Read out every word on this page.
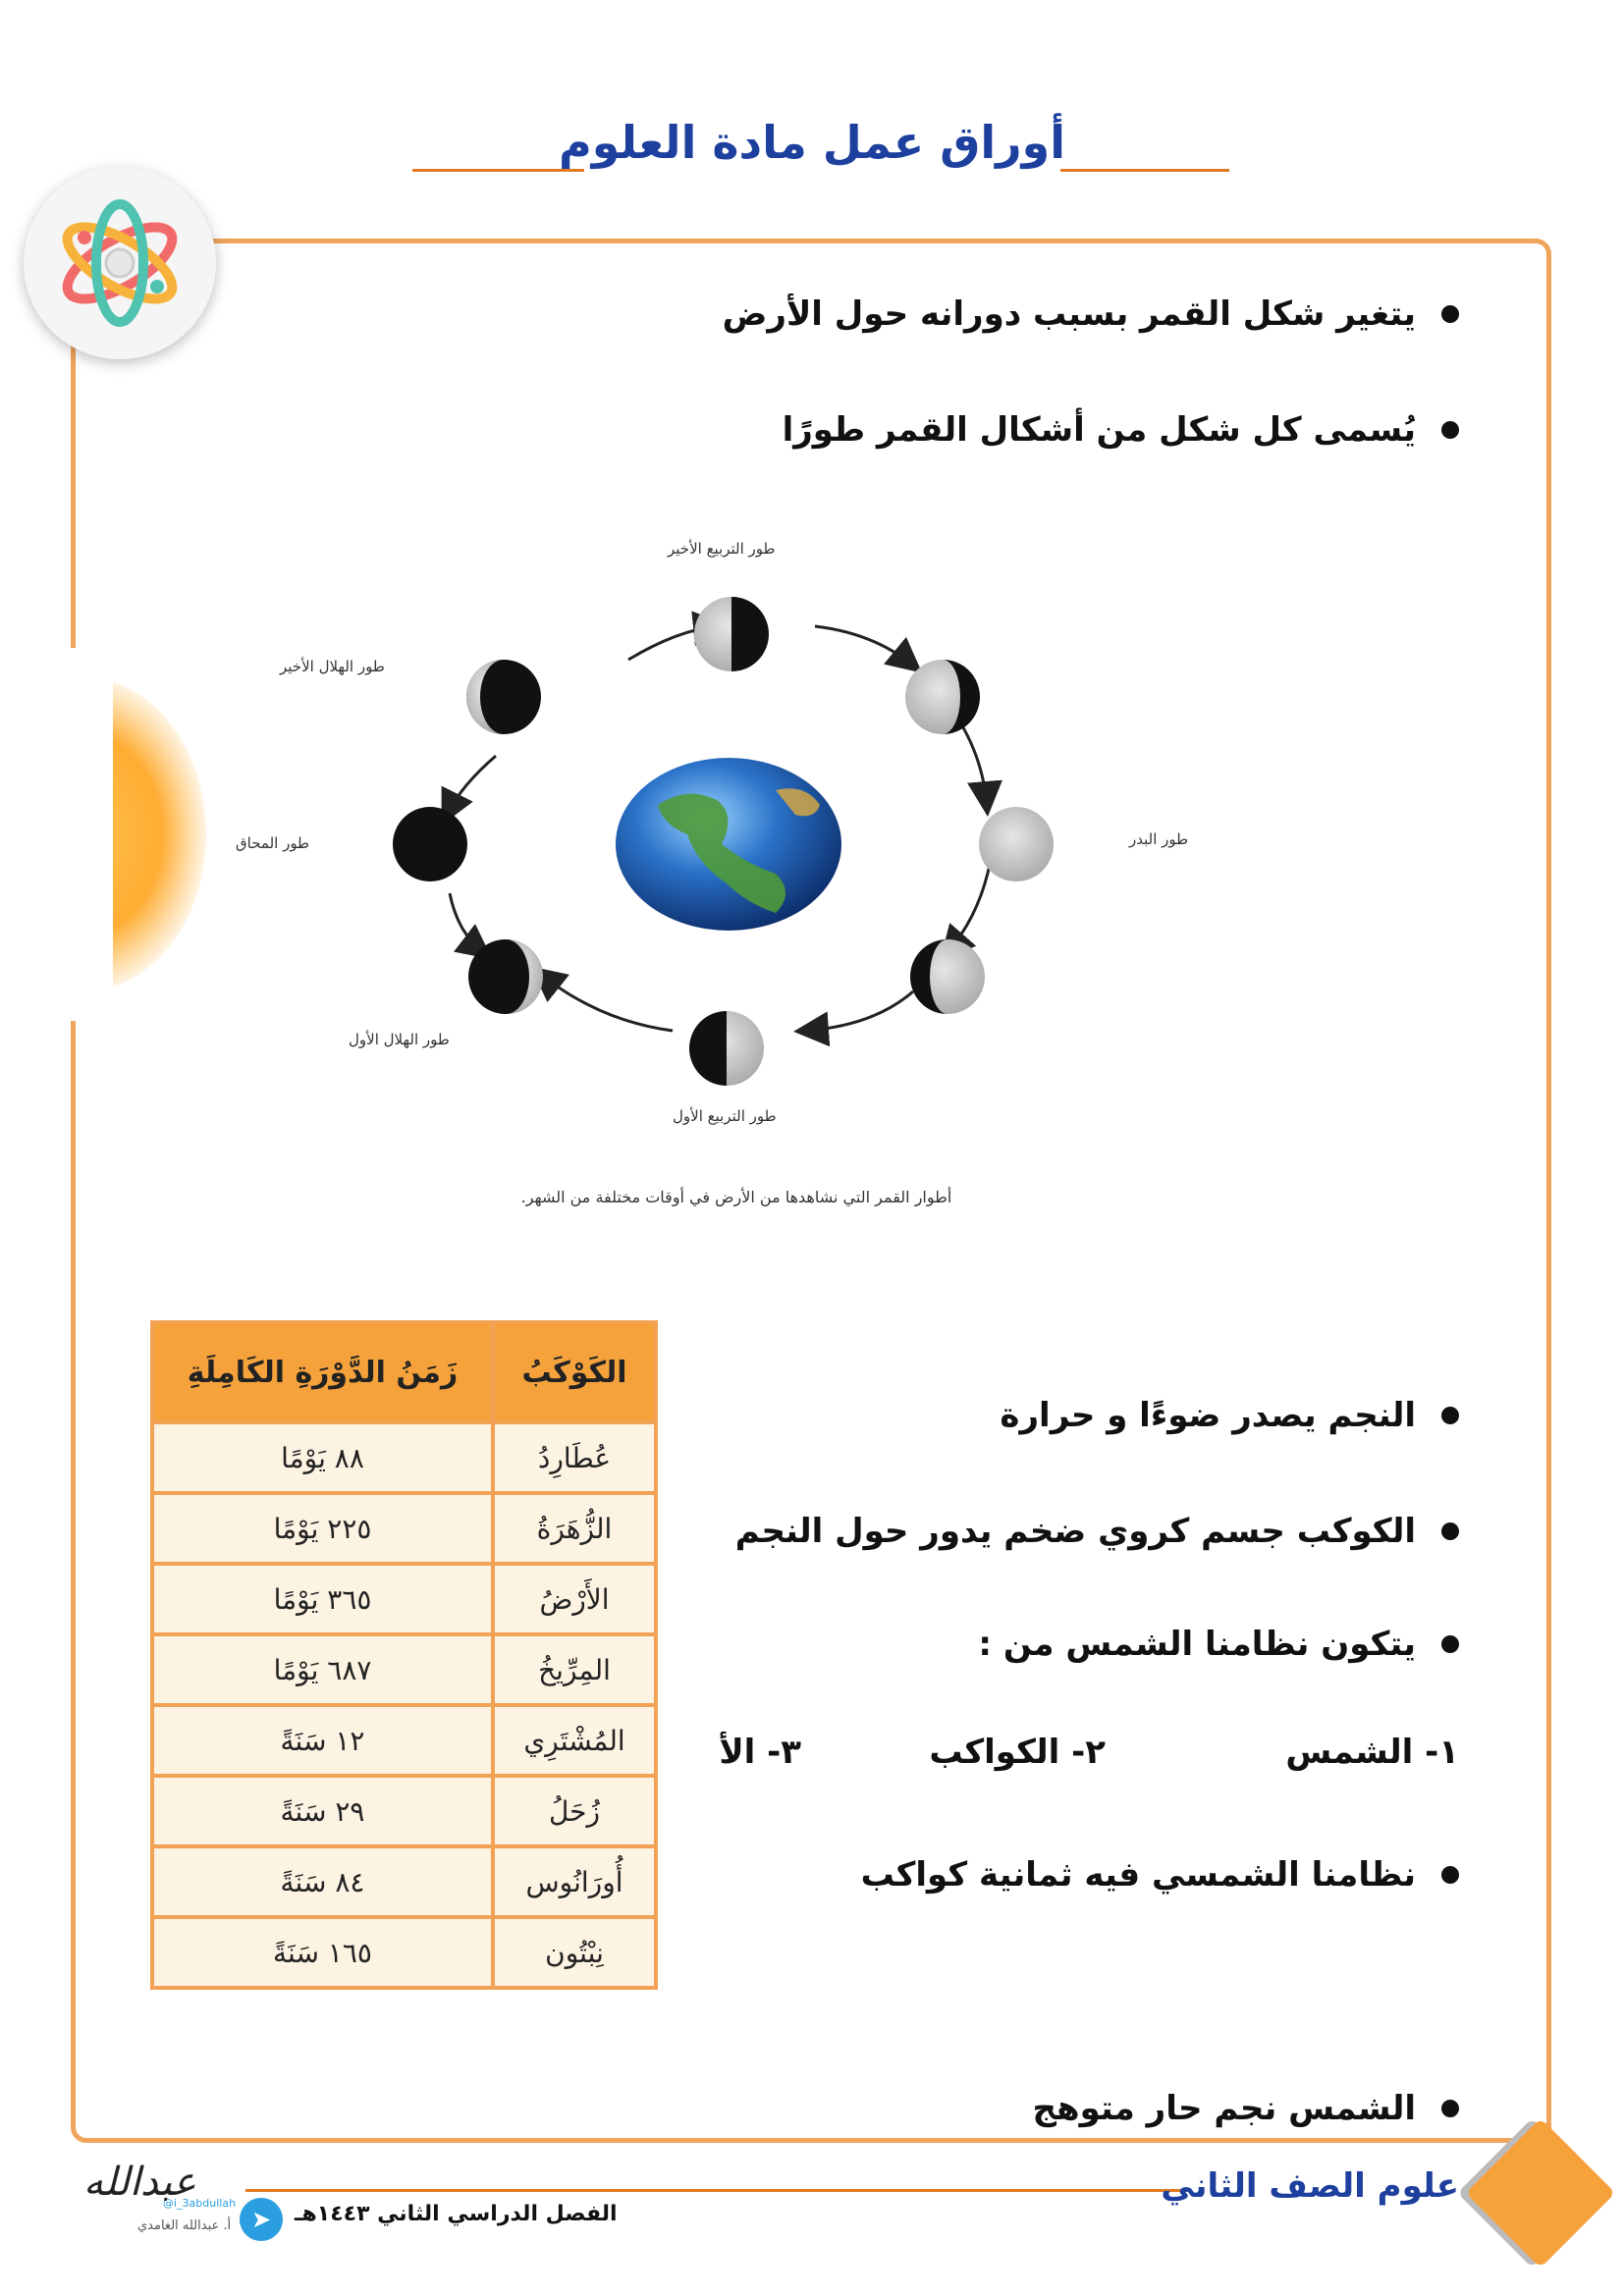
أوراق عمل مادة العلوم
يتغير شكل القمر بسبب دورانه حول الأرض
يُسمى كل شكل من أشكال القمر طورًا
طور التربيع الأخير
طور الهلال الأخير
طور المحاق	طور البدر
طور الهلال الأول
طور التربيع الأول
أطوار القمر التي نشاهدها من الأرض في أوقات مختلفة من الشهر.
الكَوْكَبُ	زَمَنُ الدَّوْرَةِ الكَامِلَةِ
عُطَارِدُ	٨٨ يَوْمًا
الزُّهَرَةُ	٢٢٥ يَوْمًا
الأَرْضُ	٣٦٥ يَوْمًا
المِرِّيخُ	٦٨٧ يَوْمًا
المُشْتَرِي	١٢ سَنَةً
زُحَلُ	٢٩ سَنَةً
أُورَانُوس	٨٤ سَنَةً
نِبْتُون	١٦٥ سَنَةً
النجم يصدر ضوءًا و حرارة
الكوكب جسم كروي ضخم يدور حول النجم
يتكون نظامنا الشمس من :
١- الشمس
٢- الكواكب
٣- الأ
نظامنا الشمسي فيه ثمانية كواكب
الشمس نجم حار متوهج
علوم الصف الثاني
الفصل الدراسي الثاني ١٤٤٣هـ
➤
@i_3abdullah
أ. عبدالله الغامدي
عبدالله
